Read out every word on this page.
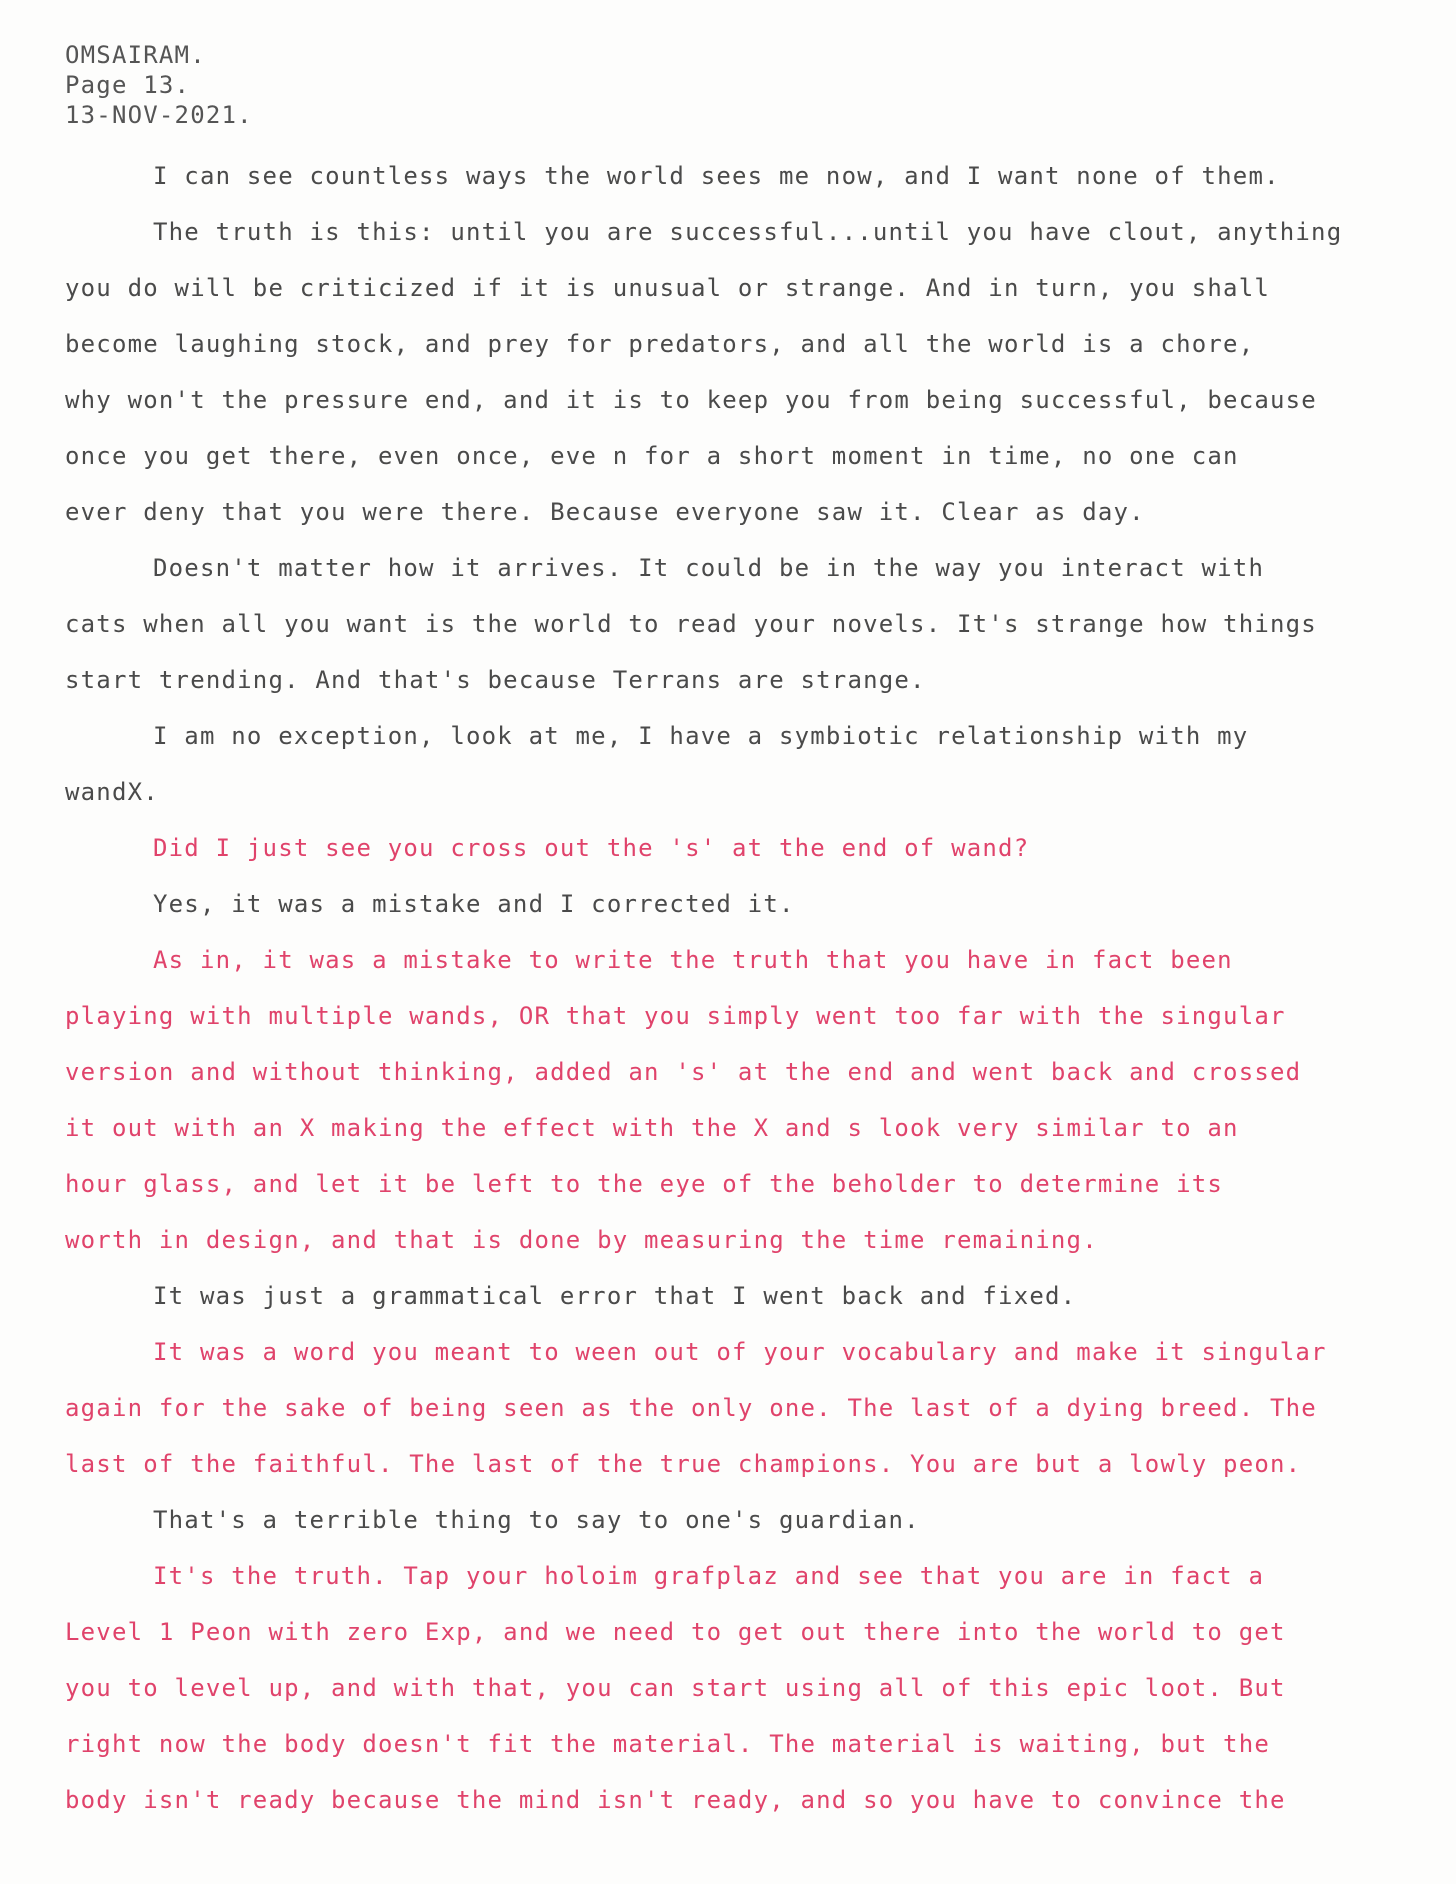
OMSAIRAM.
Page 13.
13-NOV-2021.
I can see countless ways the world sees me now, and I want none of them.
The truth is this: until you are successful...until you have clout, anything
you do will be criticized if it is unusual or strange. And in turn, you shall
become laughing stock, and prey for predators, and all the world is a chore,
why won't the pressure end, and it is to keep you from being successful, because
once you get there, even once, eve n for a short moment in time, no one can
ever deny that you were there. Because everyone saw it. Clear as day.
Doesn't matter how it arrives. It could be in the way you interact with
cats when all you want is the world to read your novels. It's strange how things
start trending. And that's because Terrans are strange.
I am no exception, look at me, I have a symbiotic relationship with my
wandX.
Did I just see you cross out the 's' at the end of wand?
Yes, it was a mistake and I corrected it.
As in, it was a mistake to write the truth that you have in fact been
playing with multiple wands, OR that you simply went too far with the singular
version and without thinking, added an 's' at the end and went back and crossed
it out with an X making the effect with the X and s look very similar to an
hour glass, and let it be left to the eye of the beholder to determine its
worth in design, and that is done by measuring the time remaining.
It was just a grammatical error that I went back and fixed.
It was a word you meant to ween out of your vocabulary and make it singular
again for the sake of being seen as the only one. The last of a dying breed. The
last of the faithful. The last of the true champions. You are but a lowly peon.
That's a terrible thing to say to one's guardian.
It's the truth. Tap your holoim grafplaz and see that you are in fact a
Level 1 Peon with zero Exp, and we need to get out there into the world to get
you to level up, and with that, you can start using all of this epic loot. But
right now the body doesn't fit the material. The material is waiting, but the
body isn't ready because the mind isn't ready, and so you have to convince the
